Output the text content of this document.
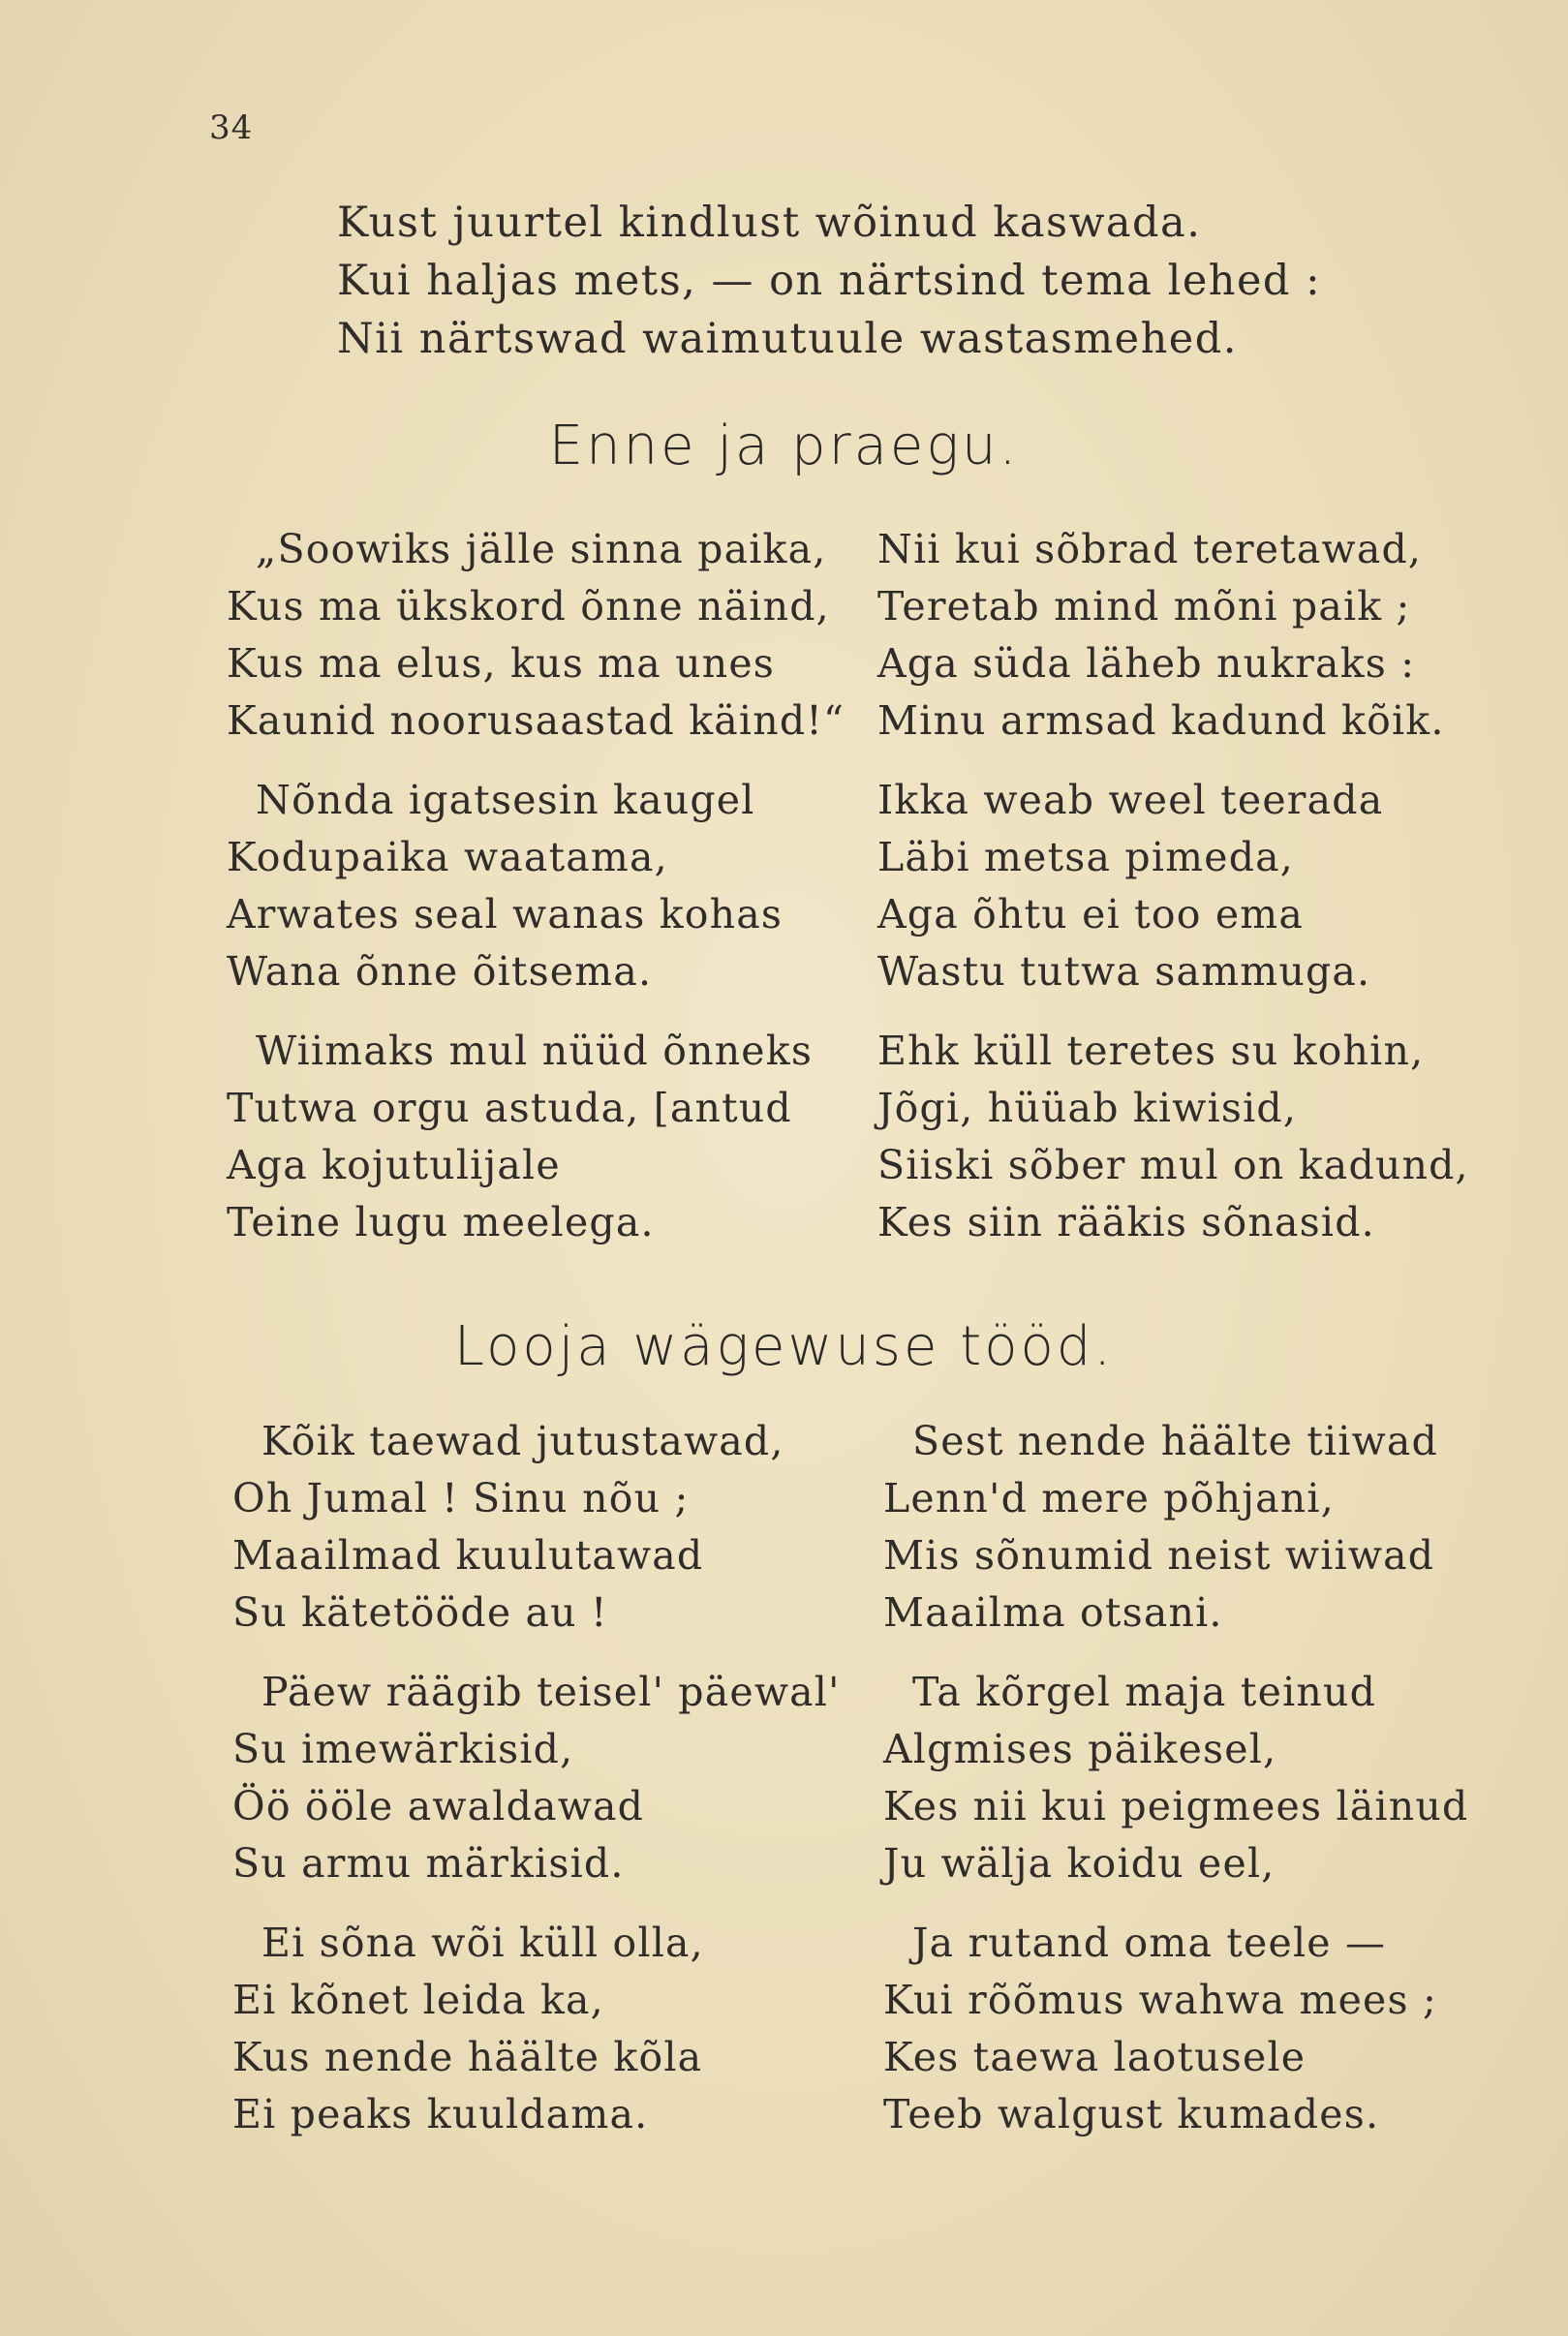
34
Kust juurtel kindlust wõinud kaswada.
Kui haljas mets, — on närtsind tema lehed :
Nii närtswad waimutuule wastasmehed.
Enne ja praegu.
„Soowiks jälle sinna paika,
Kus ma ükskord õnne näind,
Kus ma elus, kus ma unes
Kaunid noorusaastad käind!“
Nõnda igatsesin kaugel
Kodupaika waatama,
Arwates seal wanas kohas
Wana õnne õitsema.
Wiimaks mul nüüd õnneks
Tutwa orgu astuda, [antud
Aga kojutulijale
Teine lugu meelega.
Nii kui sõbrad teretawad,
Teretab mind mõni paik ;
Aga süda läheb nukraks :
Minu armsad kadund kõik.
Ikka weab weel teerada
Läbi metsa pimeda,
Aga õhtu ei too ema
Wastu tutwa sammuga.
Ehk küll teretes su kohin,
Jõgi, hüüab kiwisid,
Siiski sõber mul on kadund,
Kes siin rääkis sõnasid.
Looja wägewuse tööd.
Kõik taewad jutustawad,
Oh Jumal ! Sinu nõu ;
Maailmad kuulutawad
Su kätetööde au !
Päew räägib teisel' päewal'
Su imewärkisid,
Öö ööle awaldawad
Su armu märkisid.
Ei sõna wõi küll olla,
Ei kõnet leida ka,
Kus nende häälte kõla
Ei peaks kuuldama.
Sest nende häälte tiiwad
Lenn'd mere põhjani,
Mis sõnumid neist wiiwad
Maailma otsani.
Ta kõrgel maja teinud
Algmises päikesel,
Kes nii kui peigmees läinud
Ju wälja koidu eel,
Ja rutand oma teele —
Kui rõõmus wahwa mees ;
Kes taewa laotusele
Teeb walgust kumades.
